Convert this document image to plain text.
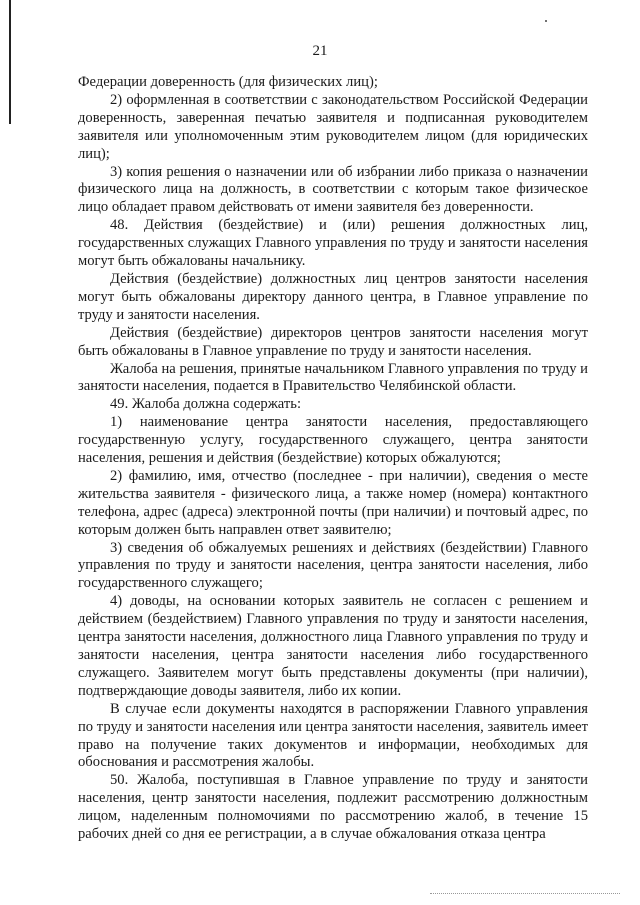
21

Федерации доверенность (для физических лиц);

2) оформленная в соответствии с законодательством Российской Федерации доверенность, заверенная печатью заявителя и подписанная руководителем заявителя или уполномоченным этим руководителем лицом (для юридических лиц);

3) копия решения о назначении или об избрании либо приказа о назначении физического лица на должность, в соответствии с которым такое физическое лицо обладает правом действовать от имени заявителя без доверенности.

48. Действия (бездействие) и (или) решения должностных лиц, государственных служащих Главного управления по труду и занятости населения могут быть обжалованы начальнику.

Действия (бездействие) должностных лиц центров занятости населения могут быть обжалованы директору данного центра, в Главное управление по труду и занятости населения.

Действия (бездействие) директоров центров занятости населения могут быть обжалованы в Главное управление по труду и занятости населения.

Жалоба на решения, принятые начальником Главного управления по труду и занятости населения, подается в Правительство Челябинской области.

49. Жалоба должна содержать:

1) наименование центра занятости населения, предоставляющего государственную услугу, государственного служащего, центра занятости населения, решения и действия (бездействие) которых обжалуются;

2) фамилию, имя, отчество (последнее - при наличии), сведения о месте жительства заявителя - физического лица, а также номер (номера) контактного телефона, адрес (адреса) электронной почты (при наличии) и почтовый адрес, по которым должен быть направлен ответ заявителю;

3) сведения об обжалуемых решениях и действиях (бездействии) Главного управления по труду и занятости населения, центра занятости населения, либо государственного служащего;

4) доводы, на основании которых заявитель не согласен с решением и действием (бездействием) Главного управления по труду и занятости населения, центра занятости населения, должностного лица Главного управления по труду и занятости населения, центра занятости населения либо государственного служащего. Заявителем могут быть представлены документы (при наличии), подтверждающие доводы заявителя, либо их копии.

В случае если документы находятся в распоряжении Главного управления по труду и занятости населения или центра занятости населения, заявитель имеет право на получение таких документов и информации, необходимых для обоснования и рассмотрения жалобы.

50. Жалоба, поступившая в Главное управление по труду и занятости населения, центр занятости населения, подлежит рассмотрению должностным лицом, наделенным полномочиями по рассмотрению жалоб, в течение 15 рабочих дней со дня ее регистрации, а в случае обжалования отказа центра
